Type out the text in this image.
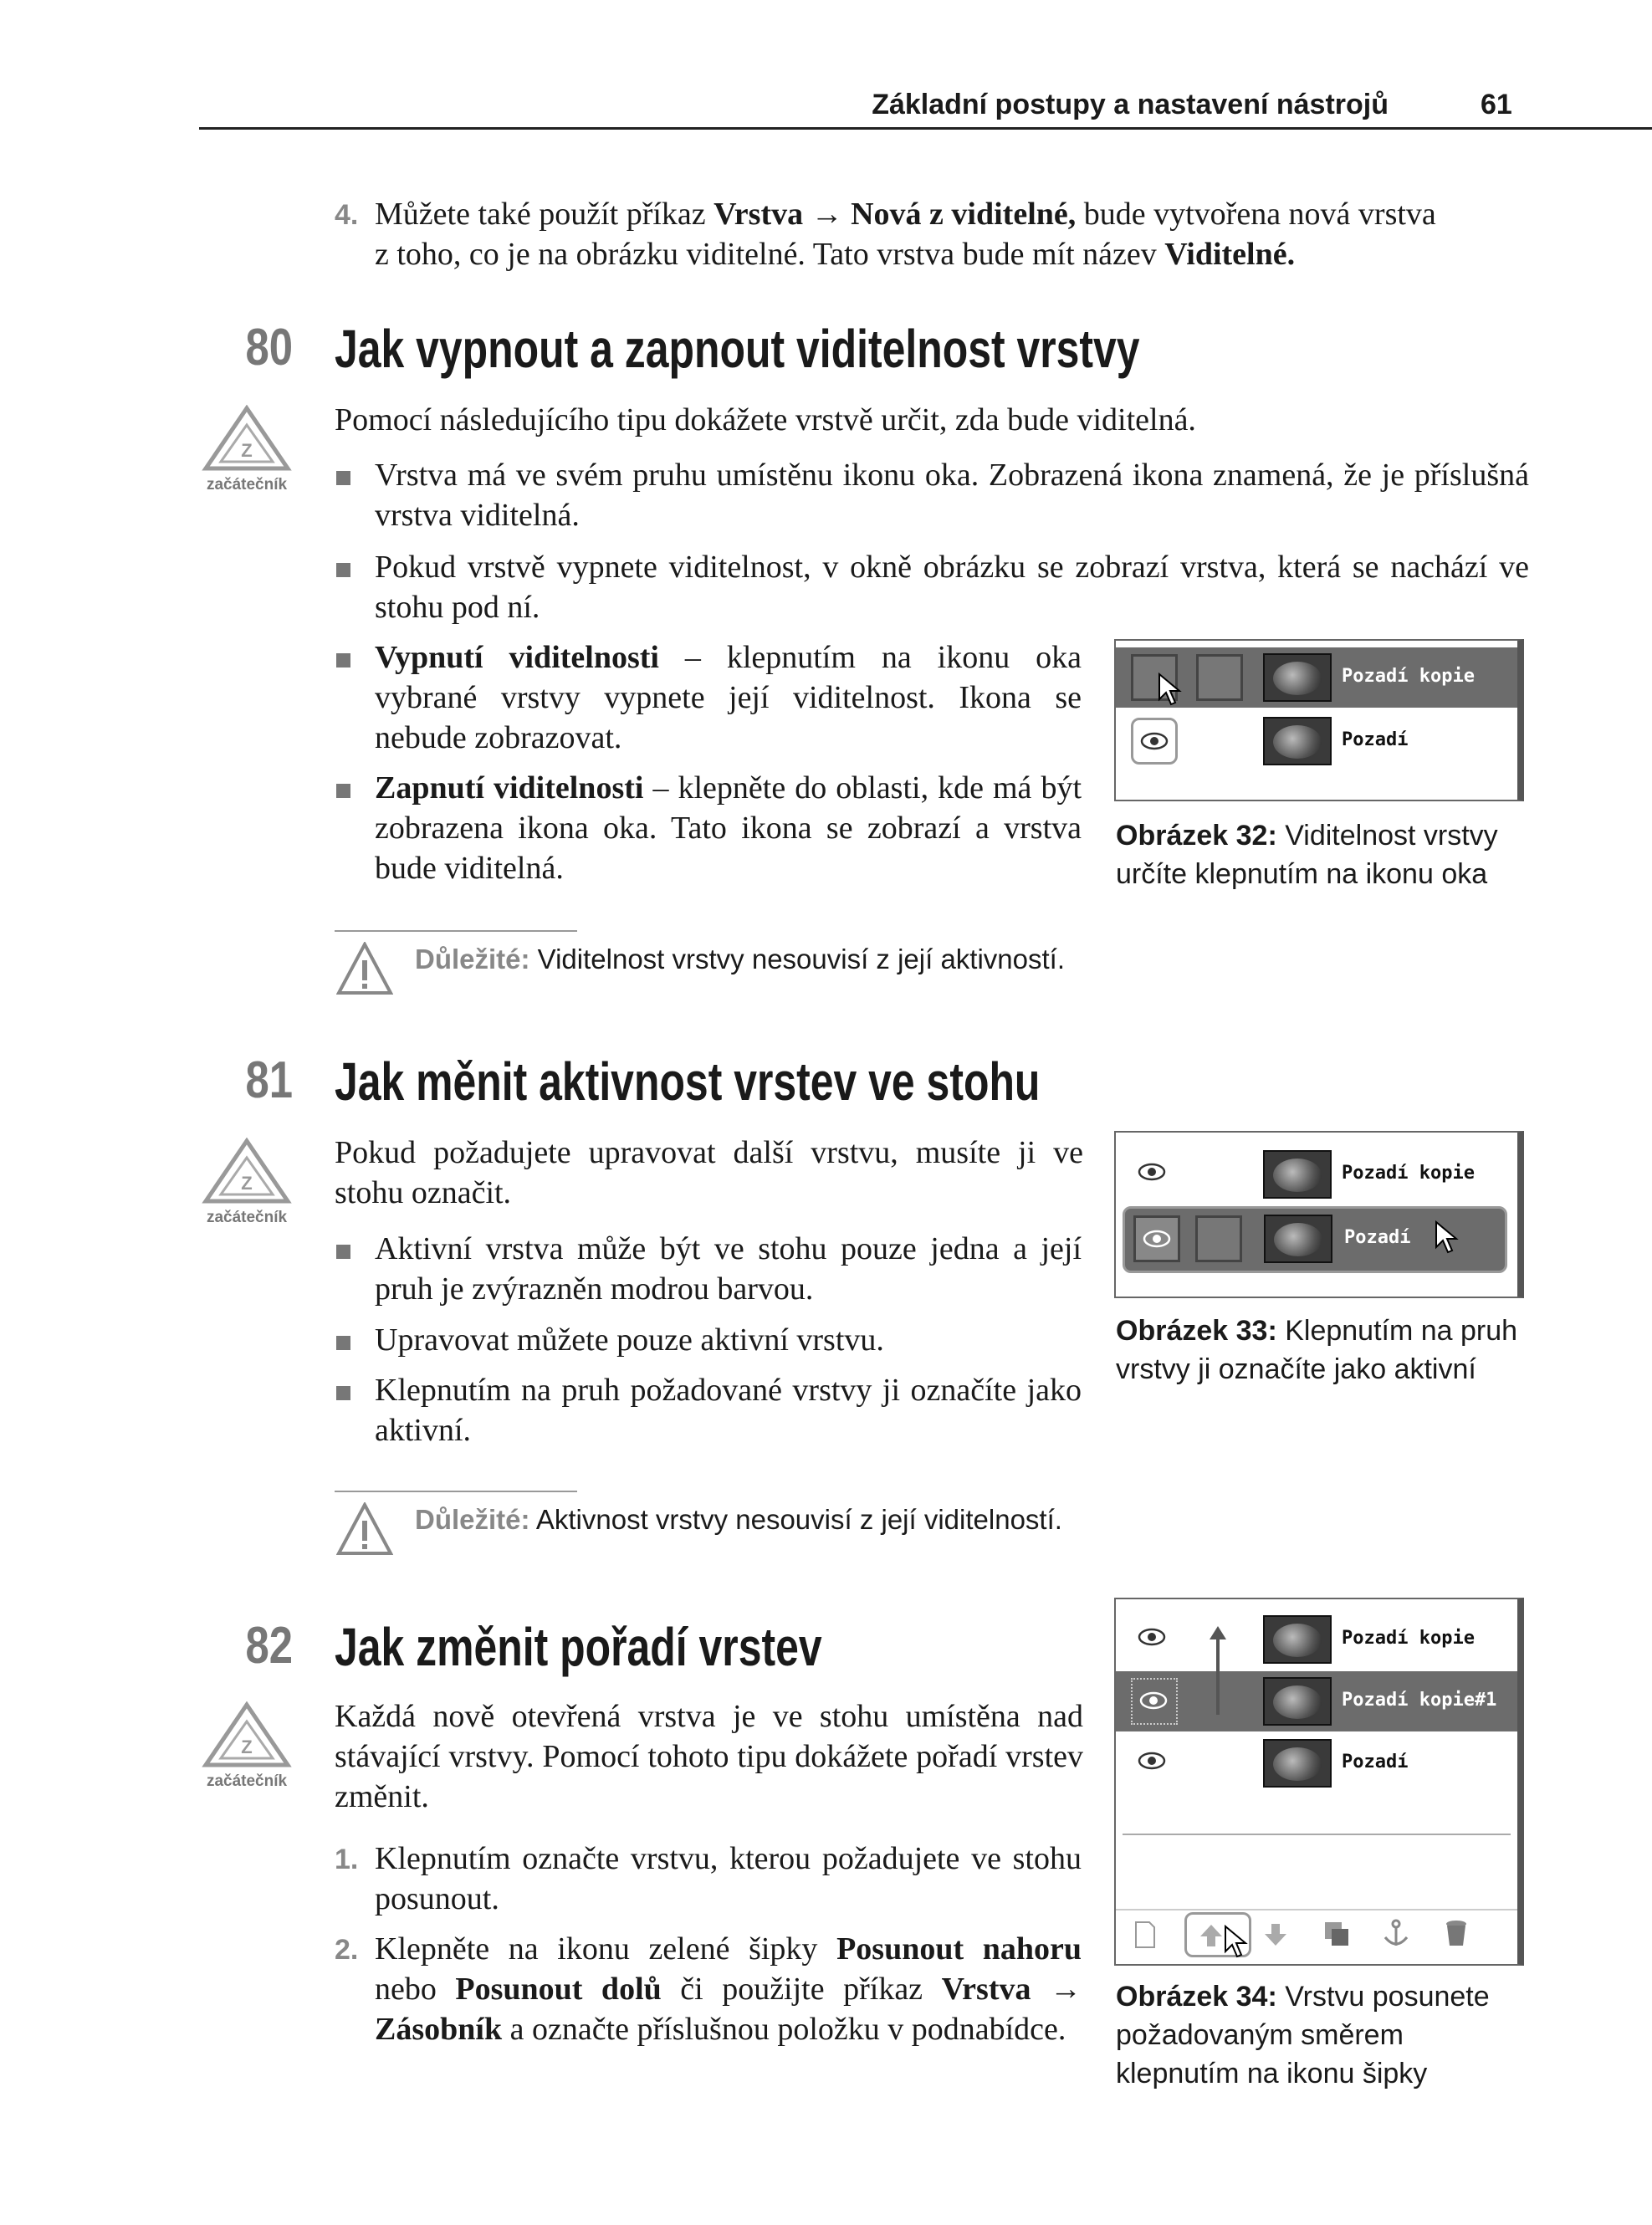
Základní postupy a nastavení nástrojů	61
4. Můžete také použít příkaz Vrstva → Nová z viditelné, bude vytvořena nová vrstva
z toho, co je na obrázku viditelné. Tato vrstva bude mít název Viditelné.
80 Jak vypnout a zapnout viditelnost vrstvy
Z
začátečník
Pomocí následujícího tipu dokážete vrstvě určit, zda bude viditelná.
Vrstva má ve svém pruhu umístěnu ikonu oka. Zobrazená ikona znamená, že je příslušná vrstva viditelná.
Pokud vrstvě vypnete viditelnost, v okně obrázku se zobrazí vrstva, která se nachází ve stohu pod ní.
Vypnutí viditelnosti – klepnutím na ikonu oka vybrané vrstvy vypnete její viditelnost. Ikona se nebude zobrazovat.
Zapnutí viditelnosti – klepněte do oblasti, kde má být zobrazena ikona oka. Tato ikona se zobrazí a vrstva bude viditelná.
Pozadí kopie
Pozadí
Obrázek 32: Viditelnost vrstvy určíte klepnutím na ikonu oka
Důležité: Viditelnost vrstvy nesouvisí z její aktivností.
81 Jak měnit aktivnost vrstev ve stohu
Z
začátečník
Pokud požadujete upravovat další vrstvu, musíte ji ve stohu označit.
Aktivní vrstva může být ve stohu pouze jedna a její pruh je zvýrazněn modrou barvou.
Upravovat můžete pouze aktivní vrstvu.
Klepnutím na pruh požadované vrstvy ji označíte jako aktivní.
Pozadí kopie
Pozadí
Obrázek 33: Klepnutím na pruh vrstvy ji označíte jako aktivní
Důležité: Aktivnost vrstvy nesouvisí z její viditelností.
82 Jak změnit pořadí vrstev
Z
začátečník
Každá nově otevřená vrstva je ve stohu umístěna nad stávající vrstvy. Pomocí tohoto tipu dokážete pořadí vrstev změnit.
1. Klepnutím označte vrstvu, kterou požadujete ve stohu posunout.
2. Klepněte na ikonu zelené šipky Posunout nahoru nebo Posunout dolů či použijte příkaz Vrstva → Zásobník a označte příslušnou položku v podnabídce.
Pozadí kopie
Pozadí kopie#1
Pozadí
Obrázek 34: Vrstvu posunete požadovaným směrem klepnutím na ikonu šipky
